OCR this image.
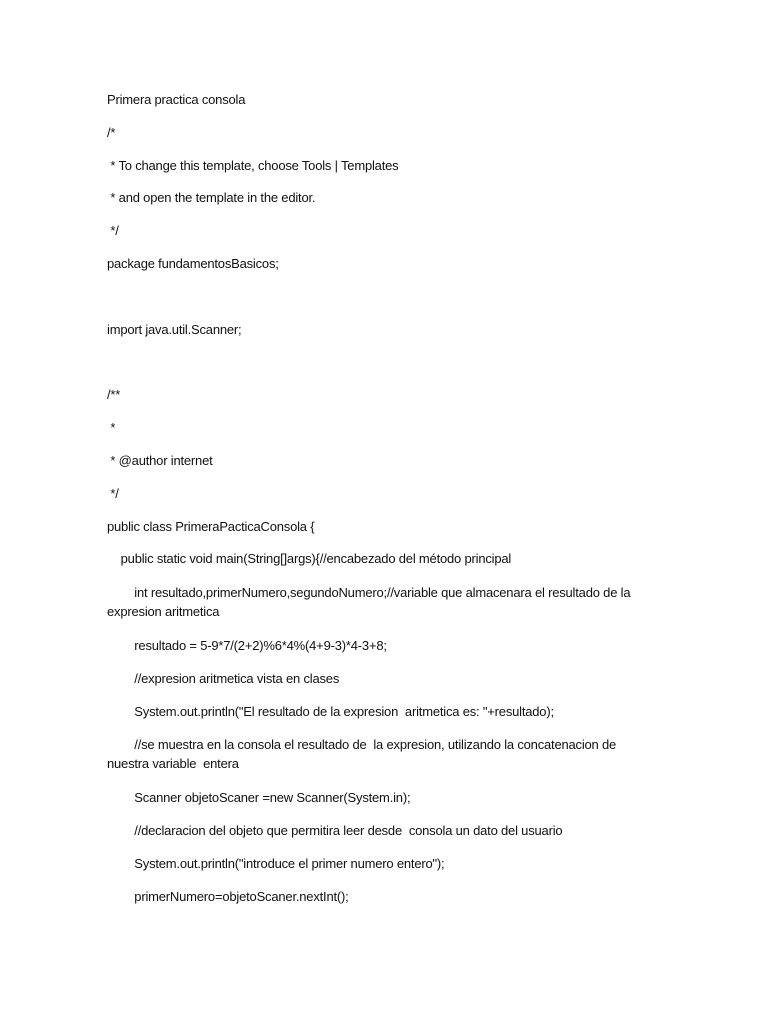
Primera practica consola
/*
* To change this template, choose Tools | Templates
* and open the template in the editor.
*/
package fundamentosBasicos;
import java.util.Scanner;
/**
*
* @author internet
*/
public class PrimeraPacticaConsola {
public static void main(String[]args){//encabezado del método principal
int resultado,primerNumero,segundoNumero;//variable que almacenara el resultado de la
expresion aritmetica
resultado = 5-9*7/(2+2)%6*4%(4+9-3)*4-3+8;
//expresion aritmetica vista en clases
System.out.println("El resultado de la expresion  aritmetica es: "+resultado);
//se muestra en la consola el resultado de  la expresion, utilizando la concatenacion de
nuestra variable  entera
Scanner objetoScaner =new Scanner(System.in);
//declaracion del objeto que permitira leer desde  consola un dato del usuario
System.out.println("introduce el primer numero entero");
primerNumero=objetoScaner.nextInt();
